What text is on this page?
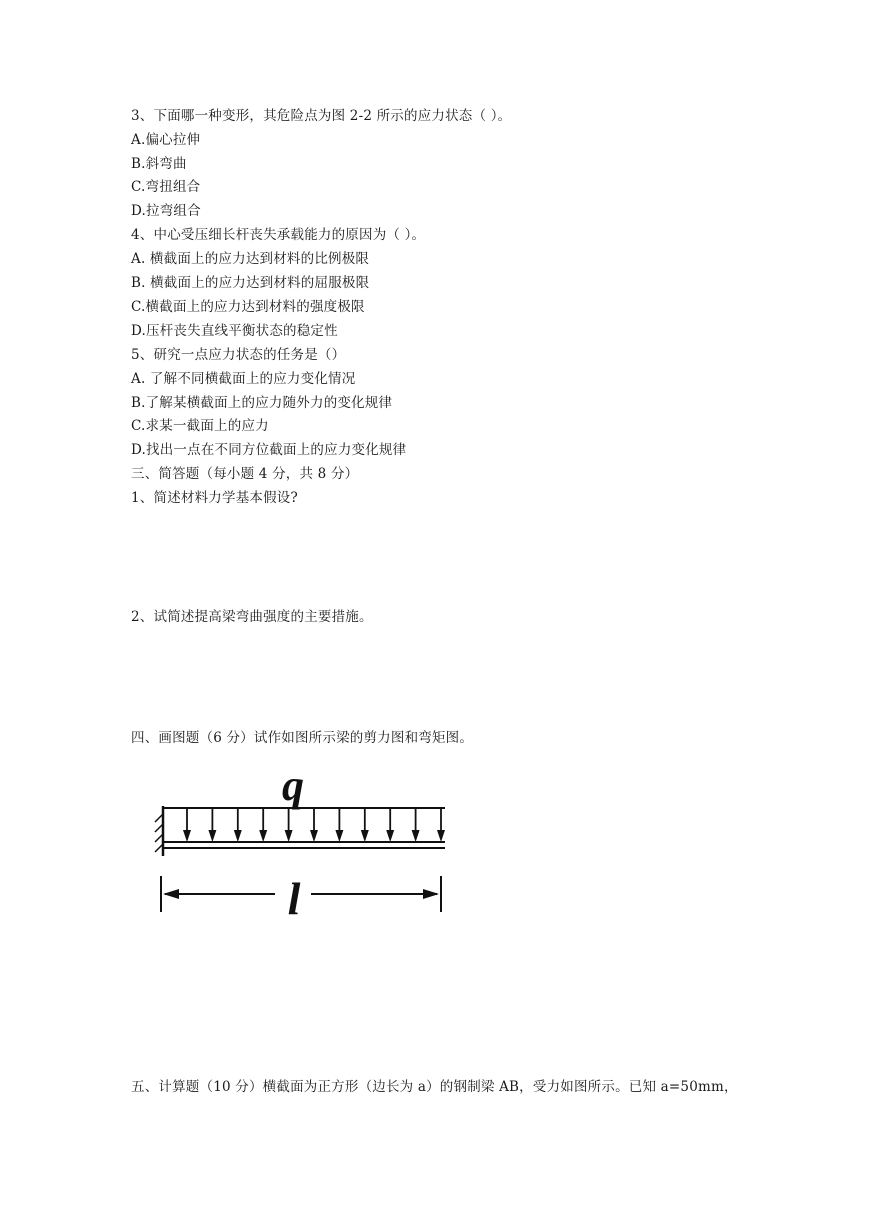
3、下面哪一种变形，其危险点为图 2-2 所示的应力状态（ ）。
A.偏心拉伸
B.斜弯曲
C.弯扭组合
D.拉弯组合
4、中心受压细长杆丧失承载能力的原因为（ ）。
A. 横截面上的应力达到材料的比例极限
B. 横截面上的应力达到材料的屈服极限
C.横截面上的应力达到材料的强度极限
D.压杆丧失直线平衡状态的稳定性
5、研究一点应力状态的任务是（）
A. 了解不同横截面上的应力变化情况
B.了解某横截面上的应力随外力的变化规律
C.求某一截面上的应力
D.找出一点在不同方位截面上的应力变化规律
三、简答题（每小题 4 分，共 8 分）
1、简述材料力学基本假设?
2、试简述提高梁弯曲强度的主要措施。
四、画图题（6 分）试作如图所示梁的剪力图和弯矩图。
q
l
五、计算题（10 分）横截面为正方形（边长为 a）的钢制梁 AB，受力如图所示。已知 a=50mm，
